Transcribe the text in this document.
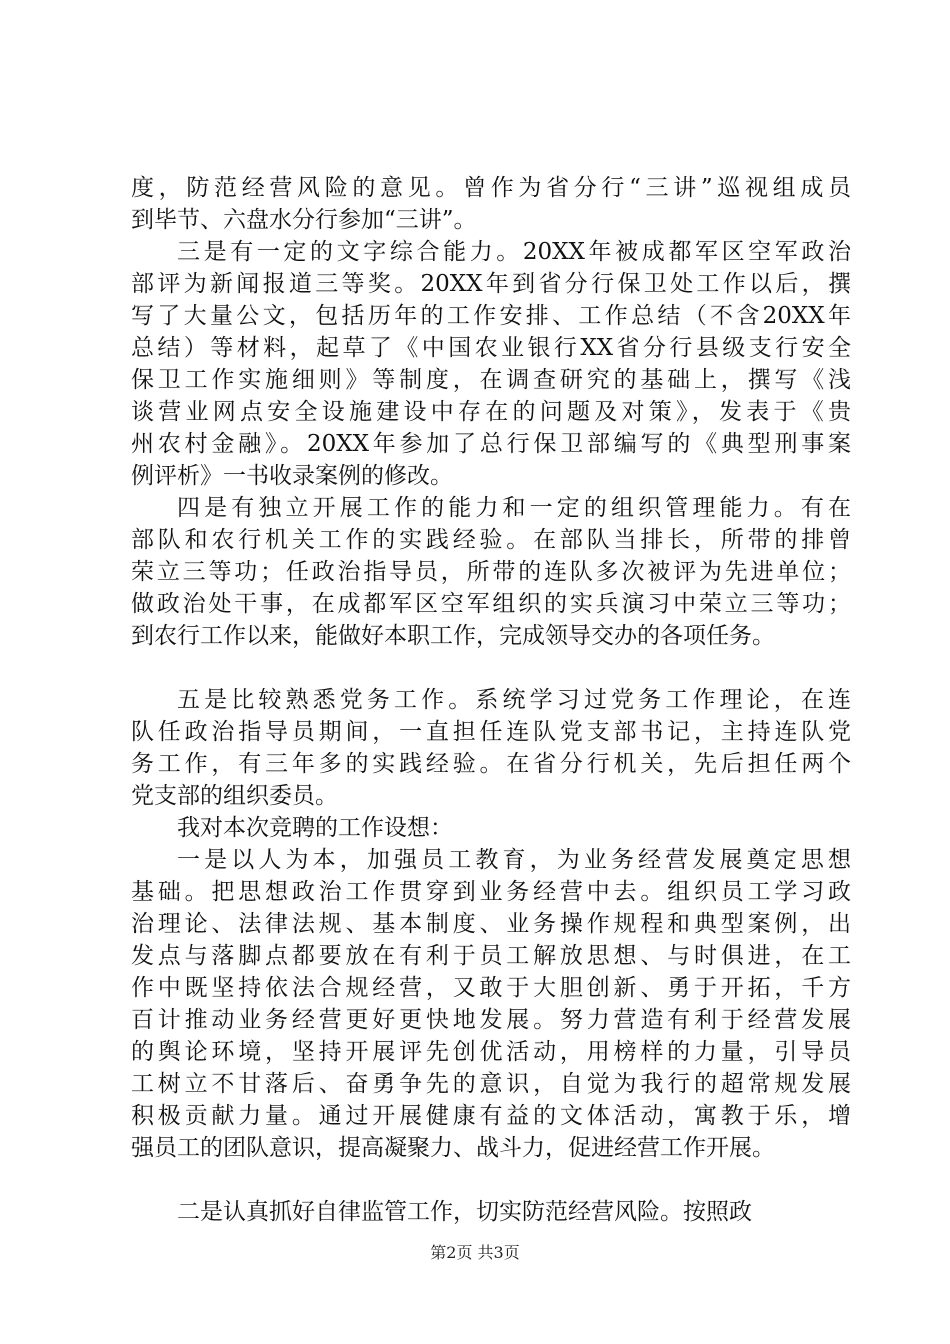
度，防范经营风险的意见。曾作为省分行“三讲”巡视组成员
到毕节、六盘水分行参加“三讲”。
三是有一定的文字综合能力。20XX年被成都军区空军政治
部评为新闻报道三等奖。20XX年到省分行保卫处工作以后，撰
写了大量公文，包括历年的工作安排、工作总结（不含20XX年
总结）等材料，起草了《中国农业银行XX省分行县级支行安全
保卫工作实施细则》等制度，在调查研究的基础上，撰写《浅
谈营业网点安全设施建设中存在的问题及对策》，发表于《贵
州农村金融》。20XX年参加了总行保卫部编写的《典型刑事案
例评析》一书收录案例的修改。
四是有独立开展工作的能力和一定的组织管理能力。有在
部队和农行机关工作的实践经验。在部队当排长，所带的排曾
荣立三等功；任政治指导员，所带的连队多次被评为先进单位；
做政治处干事，在成都军区空军组织的实兵演习中荣立三等功；
到农行工作以来，能做好本职工作，完成领导交办的各项任务。
五是比较熟悉党务工作。系统学习过党务工作理论，在连
队任政治指导员期间，一直担任连队党支部书记，主持连队党
务工作，有三年多的实践经验。在省分行机关，先后担任两个
党支部的组织委员。
我对本次竞聘的工作设想：
一是以人为本，加强员工教育，为业务经营发展奠定思想
基础。把思想政治工作贯穿到业务经营中去。组织员工学习政
治理论、法律法规、基本制度、业务操作规程和典型案例，出
发点与落脚点都要放在有利于员工解放思想、与时俱进，在工
作中既坚持依法合规经营，又敢于大胆创新、勇于开拓，千方
百计推动业务经营更好更快地发展。努力营造有利于经营发展
的舆论环境，坚持开展评先创优活动，用榜样的力量，引导员
工树立不甘落后、奋勇争先的意识，自觉为我行的超常规发展
积极贡献力量。通过开展健康有益的文体活动，寓教于乐，增
强员工的团队意识，提高凝聚力、战斗力，促进经营工作开展。
二是认真抓好自律监管工作，切实防范经营风险。按照政
第2页 共3页
